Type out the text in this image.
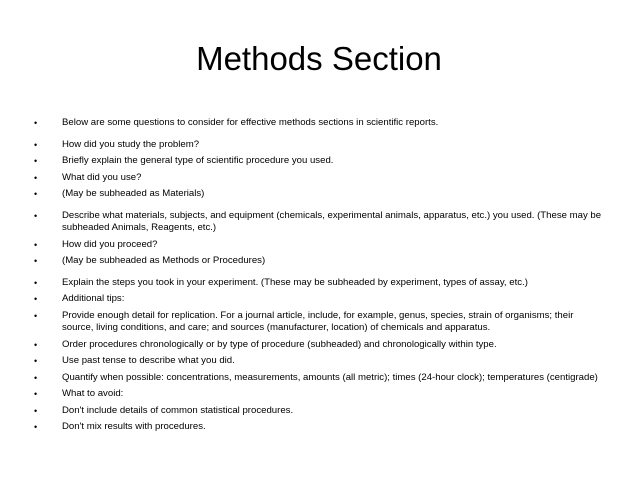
Methods Section
•	Below are some questions to consider for effective methods sections in scientific reports.
•	How did you study the problem?
•	Briefly explain the general type of scientific procedure you used.
•	What did you use?
•	(May be subheaded as Materials)
•	Describe what materials, subjects, and equipment (chemicals, experimental animals, apparatus, etc.) you used. (These may be subheaded Animals, Reagents, etc.)
•	How did you proceed?
•	(May be subheaded as Methods or Procedures)
•	Explain the steps you took in your experiment. (These may be subheaded by experiment, types of assay, etc.)
•	Additional tips:
•	Provide enough detail for replication. For a journal article, include, for example, genus, species, strain of organisms; their source, living conditions, and care; and sources (manufacturer, location) of chemicals and apparatus.
•	Order procedures chronologically or by type of procedure (subheaded) and chronologically within type.
•	Use past tense to describe what you did.
•	Quantify when possible: concentrations, measurements, amounts (all metric); times (24-hour clock); temperatures (centigrade)
•	What to avoid:
•	Don't include details of common statistical procedures.
•	Don't mix results with procedures.
